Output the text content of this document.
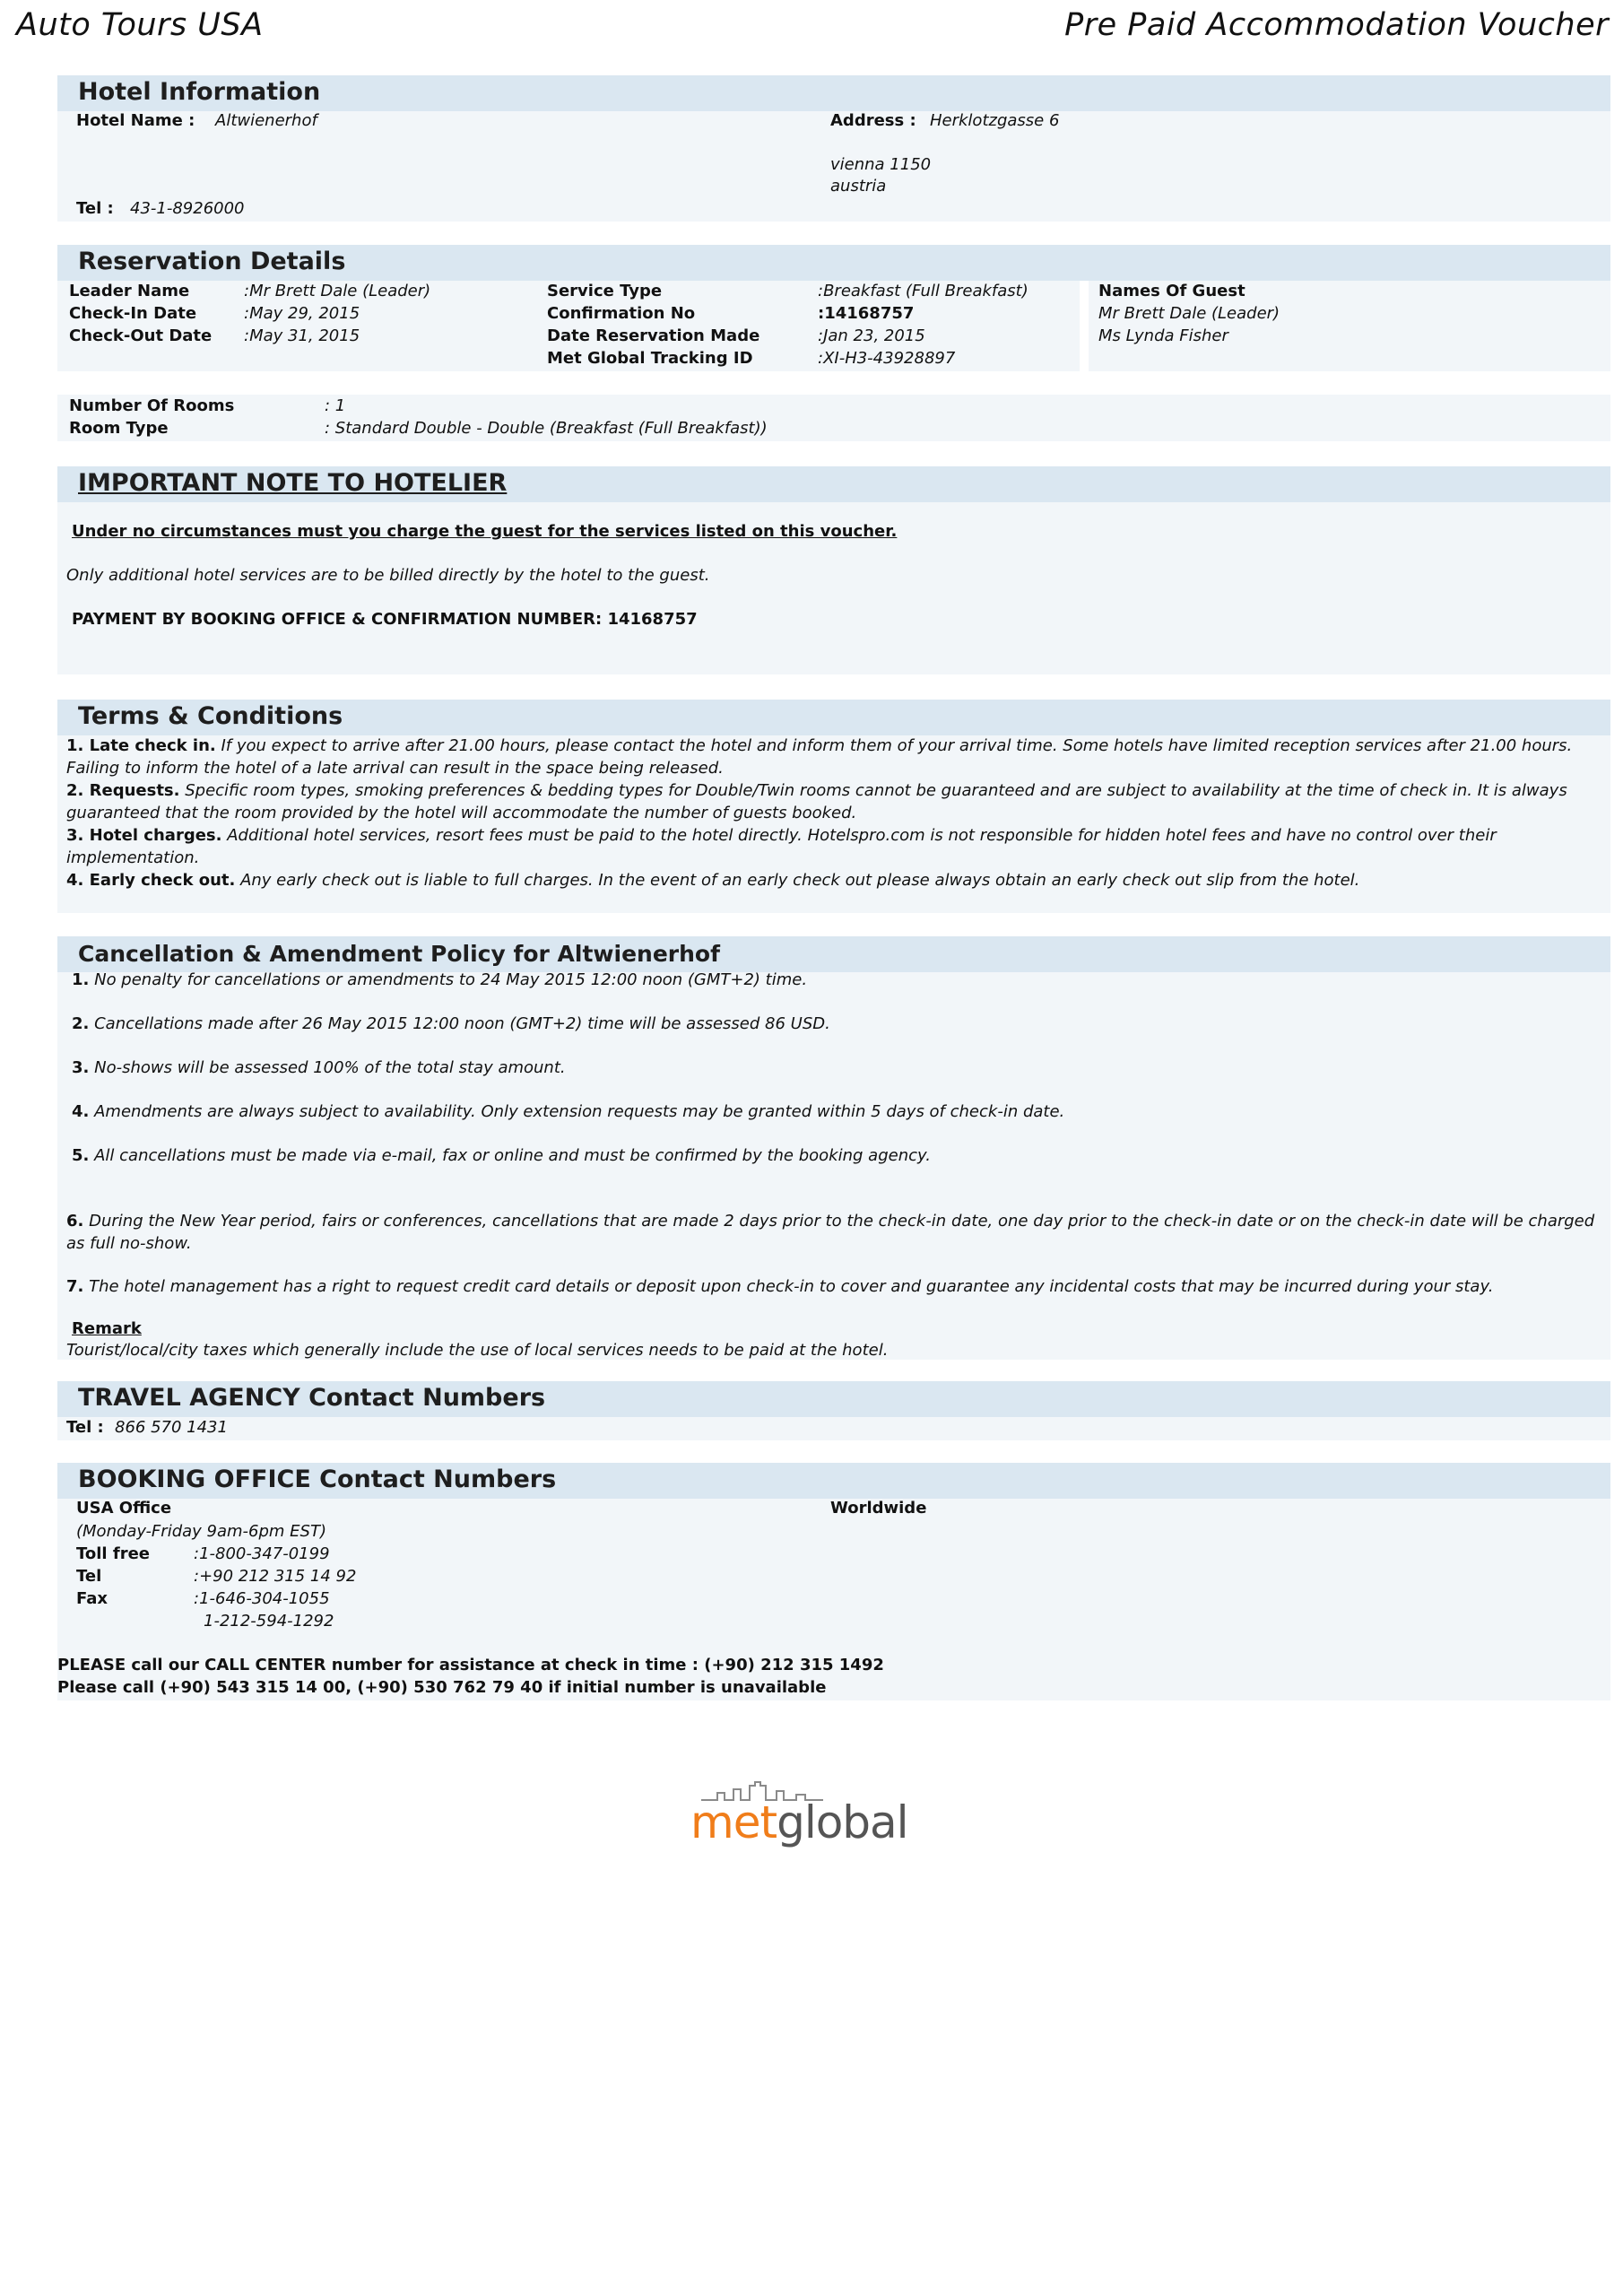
Auto Tours USA	Pre Paid Accommodation Voucher
Hotel Information
Hotel Name : Altwienerhof	Address : Herklotzgasse 6
vienna 1150
austria
Tel : 43-1-8926000
Reservation Details
Leader Name	:Mr Brett Dale (Leader)
Check-In Date	:May 29, 2015
Check-Out Date :May 31, 2015
Service Type	:Breakfast (Full Breakfast)
Confirmation No	:14168757
Date Reservation Made	:Jan 23, 2015
Met Global Tracking ID	:XI-H3-43928897
Names Of Guest
Mr Brett Dale (Leader)
Ms Lynda Fisher
Number Of Rooms	: 1
Room Type	: Standard Double - Double (Breakfast (Full Breakfast))
IMPORTANT NOTE TO HOTELIER
Under no circumstances must you charge the guest for the services listed on this voucher.
Only additional hotel services are to be billed directly by the hotel to the guest.
PAYMENT BY BOOKING OFFICE & CONFIRMATION NUMBER: 14168757
Terms & Conditions
1. Late check in. If you expect to arrive after 21.00 hours, please contact the hotel and inform them of your arrival time. Some hotels have limited reception services after 21.00 hours. Failing to inform the hotel of a late arrival can result in the space being released.
2. Requests. Specific room types, smoking preferences & bedding types for Double/Twin rooms cannot be guaranteed and are subject to availability at the time of check in. It is always guaranteed that the room provided by the hotel will accommodate the number of guests booked.
3. Hotel charges. Additional hotel services, resort fees must be paid to the hotel directly. Hotelspro.com is not responsible for hidden hotel fees and have no control over their implementation.
4. Early check out. Any early check out is liable to full charges. In the event of an early check out please always obtain an early check out slip from the hotel.
Cancellation & Amendment Policy for Altwienerhof
1. No penalty for cancellations or amendments to 24 May 2015 12:00 noon (GMT+2) time.
2. Cancellations made after 26 May 2015 12:00 noon (GMT+2) time will be assessed 86 USD.
3. No-shows will be assessed 100% of the total stay amount.
4. Amendments are always subject to availability. Only extension requests may be granted within 5 days of check-in date.
5. All cancellations must be made via e-mail, fax or online and must be confirmed by the booking agency.
6. During the New Year period, fairs or conferences, cancellations that are made 2 days prior to the check-in date, one day prior to the check-in date or on the check-in date will be charged as full no-show.
7. The hotel management has a right to request credit card details or deposit upon check-in to cover and guarantee any incidental costs that may be incurred during your stay.
Remark
Tourist/local/city taxes which generally include the use of local services needs to be paid at the hotel.
TRAVEL AGENCY Contact Numbers
Tel : 866 570 1431
BOOKING OFFICE Contact Numbers
USA Office	Worldwide
(Monday-Friday 9am-6pm EST)
Toll free	:1-800-347-0199
Tel	:+90 212 315 14 92
Fax	:1-646-304-1055
1-212-594-1292
PLEASE call our CALL CENTER number for assistance at check in time : (+90) 212 315 1492
Please call (+90) 543 315 14 00, (+90) 530 762 79 40 if initial number is unavailable
metglobal
